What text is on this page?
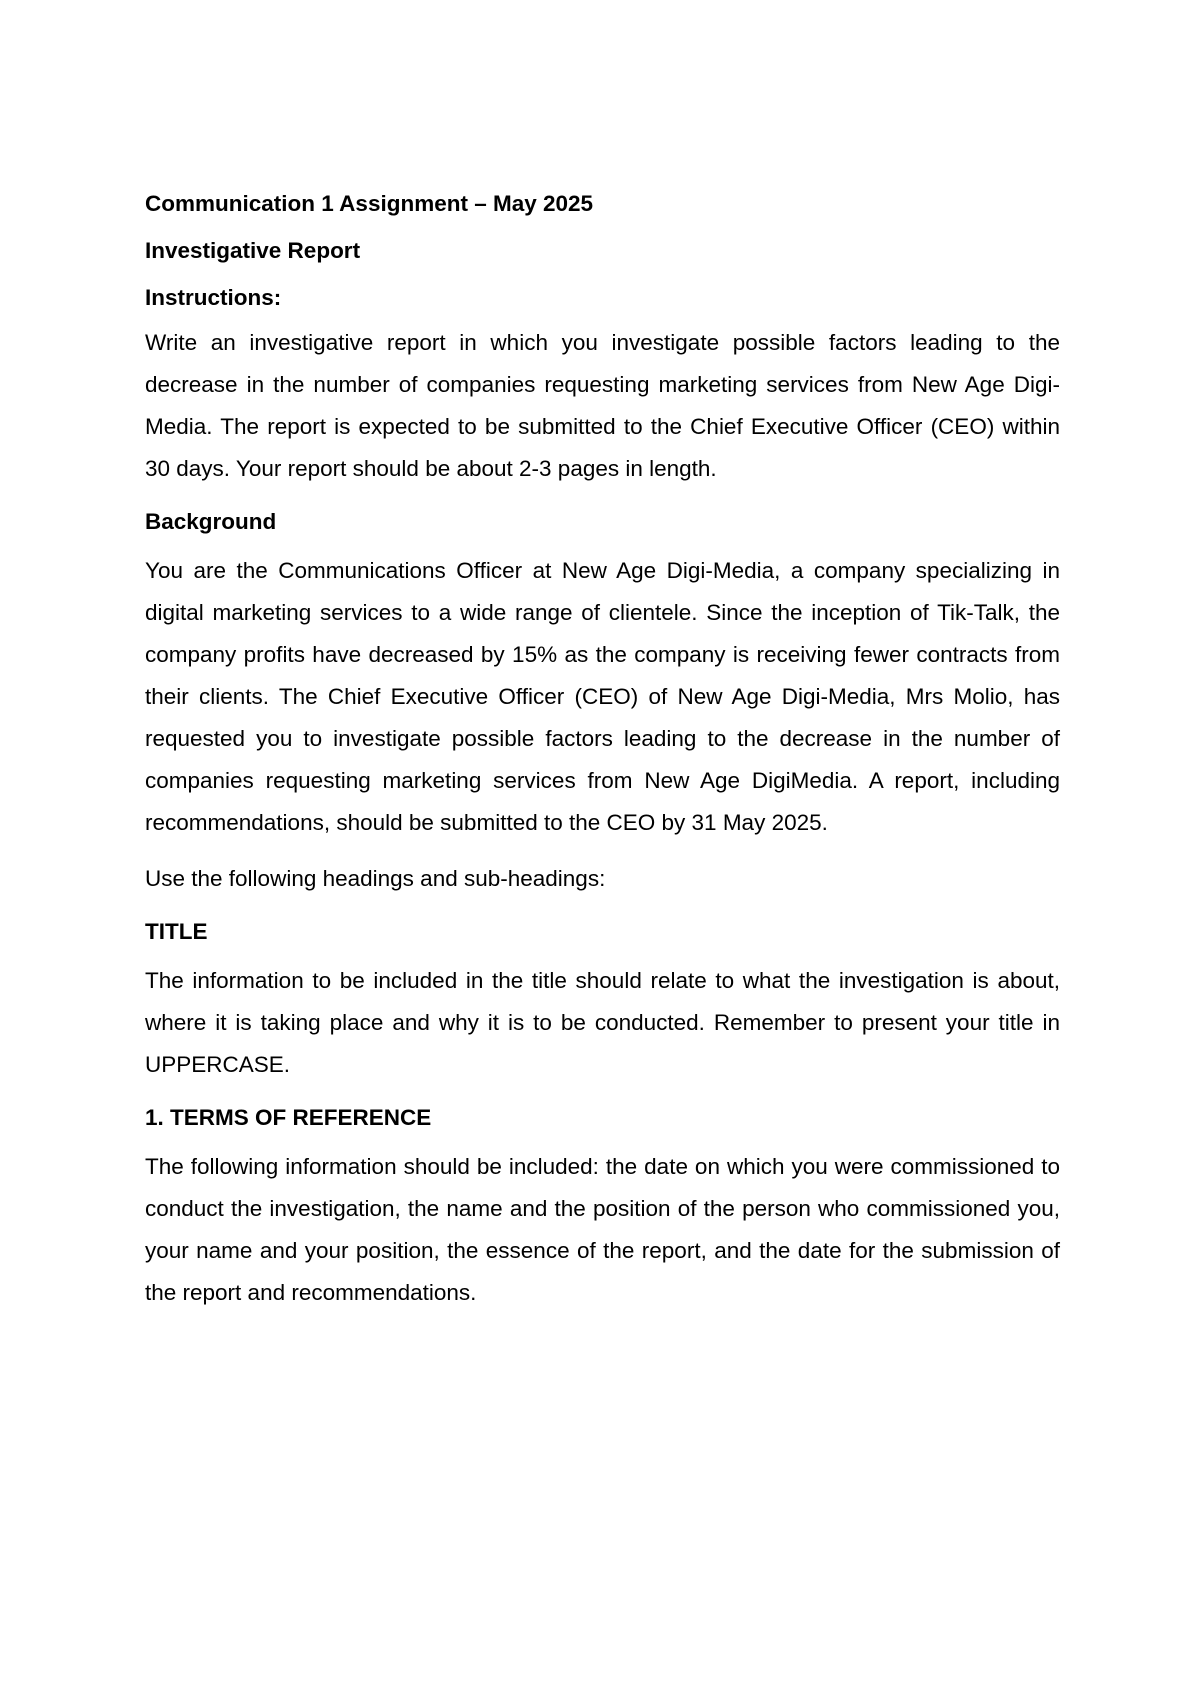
Communication 1 Assignment – May 2025

Investigative Report

Instructions:

Write an investigative report in which you investigate possible factors leading to the decrease in the number of companies requesting marketing services from New Age Digi-Media. The report is expected to be submitted to the Chief Executive Officer (CEO) within 30 days. Your report should be about 2-3 pages in length.

Background

You are the Communications Officer at New Age Digi-Media, a company specializing in digital marketing services to a wide range of clientele. Since the inception of Tik-Talk, the company profits have decreased by 15% as the company is receiving fewer contracts from their clients. The Chief Executive Officer (CEO) of New Age Digi-Media, Mrs Molio, has requested you to investigate possible factors leading to the decrease in the number of companies requesting marketing services from New Age DigiMedia. A report, including recommendations, should be submitted to the CEO by 31 May 2025.

Use the following headings and sub-headings:

TITLE

The information to be included in the title should relate to what the investigation is about, where it is taking place and why it is to be conducted. Remember to present your title in UPPERCASE.

1. TERMS OF REFERENCE

The following information should be included: the date on which you were commissioned to conduct the investigation, the name and the position of the person who commissioned you, your name and your position, the essence of the report, and the date for the submission of the report and recommendations.
